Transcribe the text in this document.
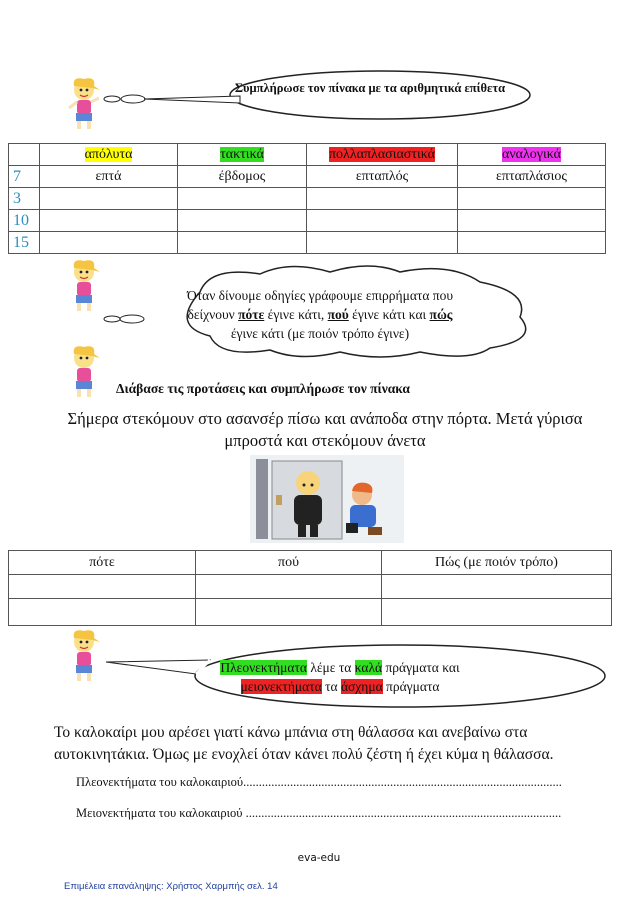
Συμπλήρωσε τον πίνακα με τα αριθμητικά επίθετα
	απόλυτα	τακτικά	πολλαπλασιαστικά	αναλογικά
7	επτά	έβδομος	επταπλός	επταπλάσιος
3				
10				
15				
Όταν δίνουμε οδηγίες γράφουμε επιρρήματα που
δείχνουν πότε έγινε κάτι, πού έγινε κάτι και πώς
έγινε κάτι (με ποιόν τρόπο έγινε)
Διάβασε τις προτάσεις και συμπλήρωσε τον πίνακα
Σήμερα στεκόμουν στο ασανσέρ πίσω και ανάποδα στην πόρτα. Μετά γύρισα
μπροστά και στεκόμουν άνετα
πότε	πού	Πώς (με ποιόν τρόπο)

Πλεονεκτήματα λέμε τα καλά πράγματα και
μειονεκτήματα τα άσχημα πράγματα
Το καλοκαίρι μου αρέσει γιατί κάνω μπάνια στη θάλασσα και ανεβαίνω στα
αυτοκινητάκια. Όμως με ενοχλεί όταν κάνει πολύ ζέστη ή έχει κύμα η θάλασσα.
Πλεονεκτήματα του καλοκαιριού......................................................................................................
Μειονεκτήματα του καλοκαιριού .....................................................................................................
eva-edu
Επιμέλεια επανάληψης: Χρήστος Χαρμπής σελ. 14
